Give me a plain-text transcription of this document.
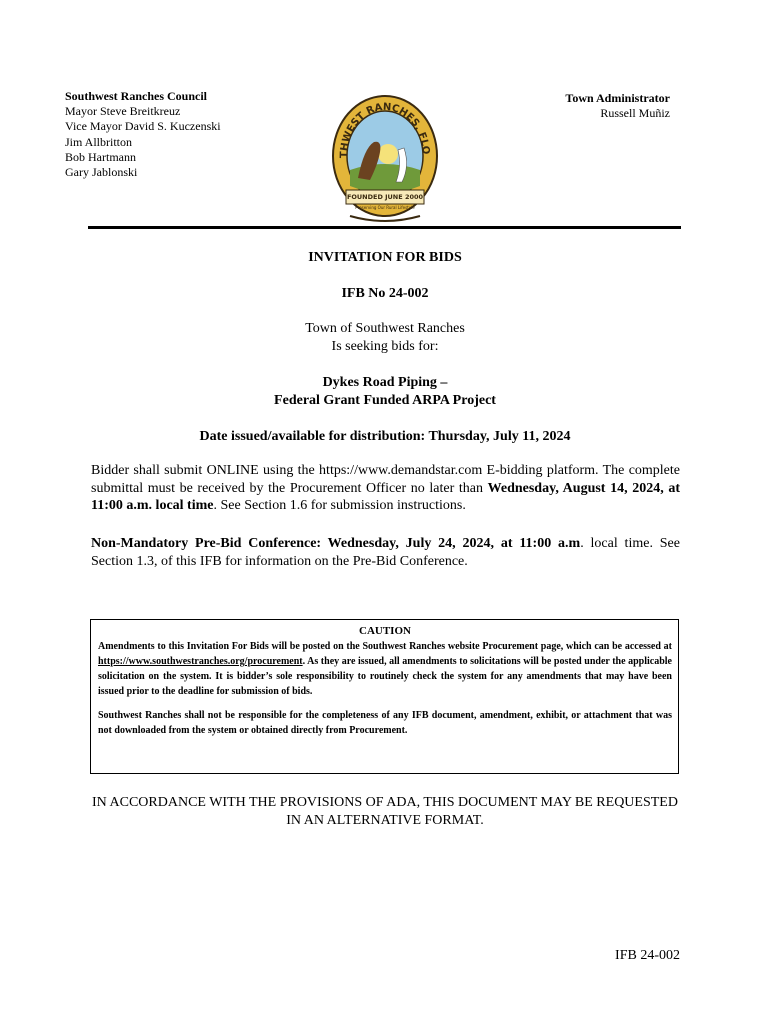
Southwest Ranches Council
Mayor Steve Breitkreuz
Vice Mayor David S. Kuczenski
Jim Allbritton
Bob Hartmann
Gary Jablonski
Town Administrator
Russell Muñiz
THWEST RANCHES, FLO
FOUNDED JUNE 2000
Preserving Our Rural Lifestyle
INVITATION FOR BIDS
IFB No 24-002
Town of Southwest Ranches
Is seeking bids for:
Dykes Road Piping –
Federal Grant Funded ARPA Project
Date issued/available for distribution: Thursday, July 11, 2024
Bidder shall submit ONLINE using the https://www.demandstar.com E-bidding platform. The complete submittal must be received by the Procurement Officer no later than Wednesday, August 14, 2024, at 11:00 a.m. local time. See Section 1.6 for submission instructions.
Non-Mandatory Pre-Bid Conference: Wednesday, July 24, 2024, at 11:00 a.m. local time. See Section 1.3, of this IFB for information on the Pre-Bid Conference.
CAUTION

Amendments to this Invitation For Bids will be posted on the Southwest Ranches website Procurement page, which can be accessed at https://www.southwestranches.org/procurement. As they are issued, all amendments to solicitations will be posted under the applicable solicitation on the system. It is bidder’s sole responsibility to routinely check the system for any amendments that may have been issued prior to the deadline for submission of bids.

Southwest Ranches shall not be responsible for the completeness of any IFB document, amendment, exhibit, or attachment that was not downloaded from the system or obtained directly from Procurement.

IN ACCORDANCE WITH THE PROVISIONS OF ADA, THIS DOCUMENT MAY BE REQUESTED IN AN ALTERNATIVE FORMAT.
IFB 24-002
